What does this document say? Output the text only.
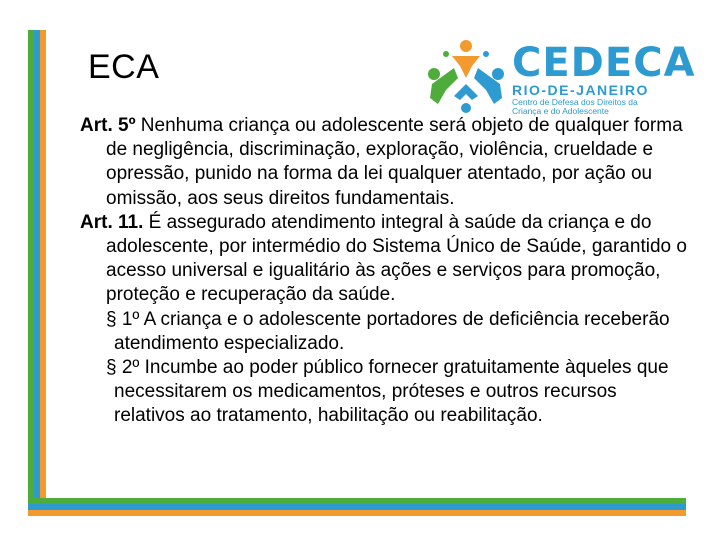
ECA	CEDECA
RIO-DE-JANEIRO
Centro de Defesa dos Direitos da Criança e do Adolescente

Art. 5º Nenhuma criança ou adolescente será objeto de qualquer forma de negligência, discriminação, exploração, violência, crueldade e opressão, punido na forma da lei qualquer atentado, por ação ou omissão, aos seus direitos fundamentais.

Art. 11. É assegurado atendimento integral à saúde da criança e do adolescente, por intermédio do Sistema Único de Saúde, garantido o acesso universal e igualitário às ações e serviços para promoção, proteção e recuperação da saúde.

§ 1º A criança e o adolescente portadores de deficiência receberão atendimento especializado.

§ 2º Incumbe ao poder público fornecer gratuitamente àqueles que necessitarem os medicamentos, próteses e outros recursos relativos ao tratamento, habilitação ou reabilitação.
